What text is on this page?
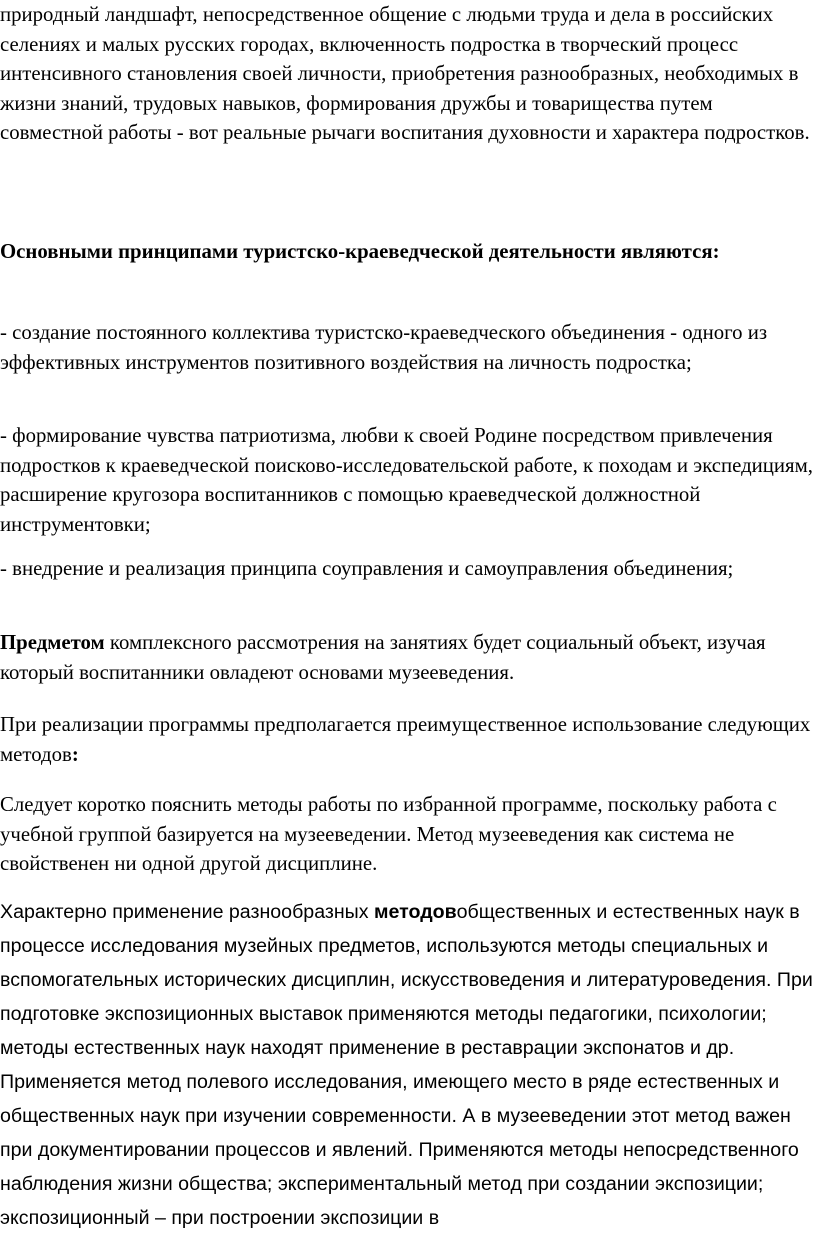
природный ландшафт, непосредственное общение с людьми труда и дела в российских селениях и малых русских городах, включенность подростка в творческий процесс интенсивного становления своей личности, приобретения разнообразных, необходимых в жизни знаний, трудовых навыков, формирования дружбы и товарищества путем совместной работы - вот реальные рычаги воспитания духовности и характера подростков.

Основными принципами туристско-краеведческой деятельности являются:

- создание постоянного коллектива туристско-краеведческого объединения - одного из эффективных инструментов позитивного воздействия на личность подростка;

- формирование чувства патриотизма, любви к своей Родине посредством привлечения подростков к краеведческой поисково-исследовательской работе, к походам и экспедициям, расширение кругозора воспитанников с помощью краеведческой должностной инструментовки;

- внедрение и реализация принципа соуправления и самоуправления объединения;

Предметом комплексного рассмотрения на занятиях будет социальный объект, изучая который воспитанники овладеют основами музееведения.

При реализации программы предполагается преимущественное использование следующих методов:

Следует коротко пояснить методы работы по избранной программе, поскольку работа с учебной группой базируется на музееведении. Метод музееведения как система не свойственен ни одной другой дисциплине.

Характерно применение разнообразных методовобщественных и естественных наук в процессе исследования музейных предметов, используются методы специальных и вспомогательных исторических дисциплин, искусствоведения и литературоведения. При подготовке экспозиционных выставок применяются методы педагогики, психологии; методы естественных наук находят применение в реставрации экспонатов и др. Применяется метод полевого исследования, имеющего место в ряде естественных и общественных наук при изучении современности. А в музееведении этот метод важен при документировании процессов и явлений. Применяются методы непосредственного наблюдения жизни общества; экспериментальный метод при создании экспозиции; экспозиционный – при построении экспозиции в
